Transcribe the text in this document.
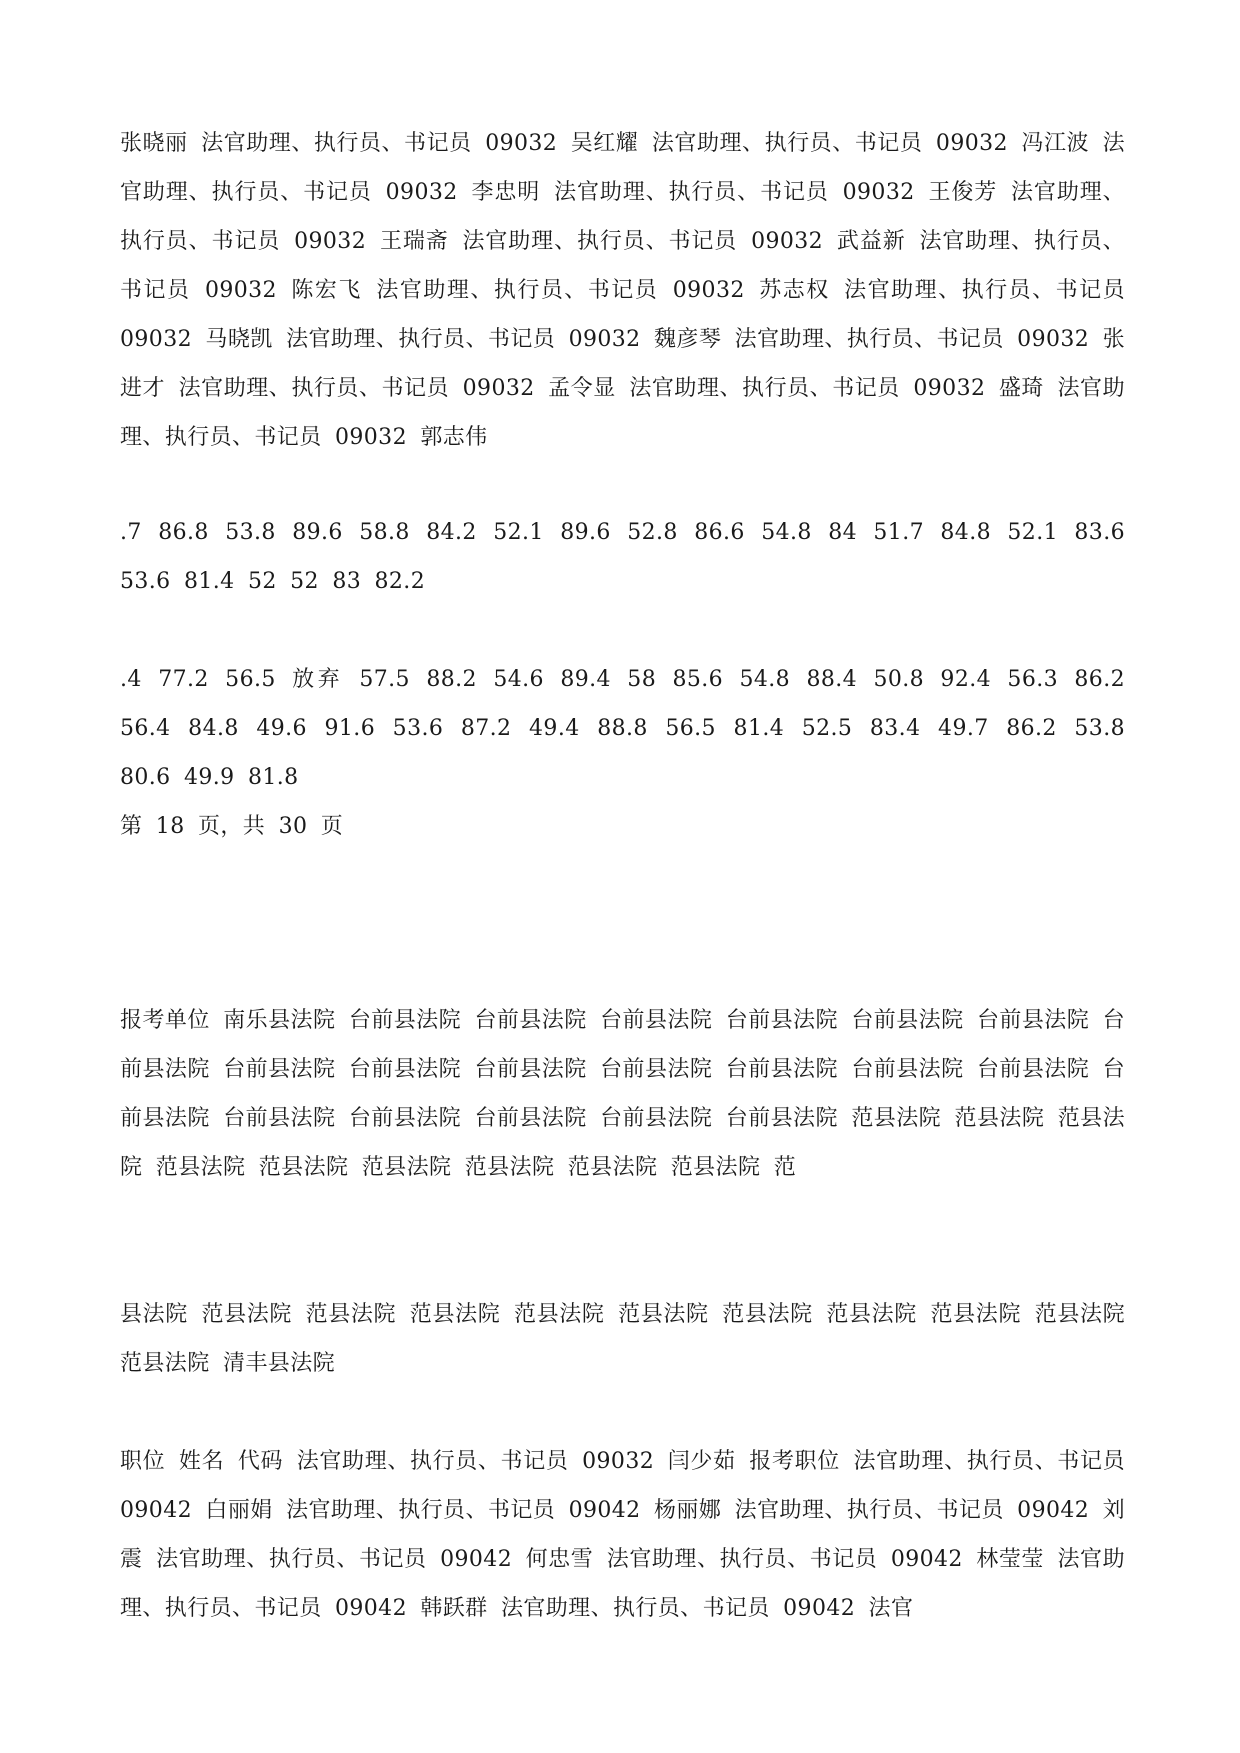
张晓丽 法官助理、执行员、书记员 09032 吴红耀 法官助理、执行员、书记员 09032 冯江波 法官助理、执行员、书记员 09032 李忠明 法官助理、执行员、书记员 09032 王俊芳 法官助理、执行员、书记员 09032 王瑞斋 法官助理、执行员、书记员 09032 武益新 法官助理、执行员、书记员 09032 陈宏飞 法官助理、执行员、书记员 09032 苏志权 法官助理、执行员、书记员 09032 马晓凯 法官助理、执行员、书记员 09032 魏彦琴 法官助理、执行员、书记员 09032 张进才 法官助理、执行员、书记员 09032 孟令显 法官助理、执行员、书记员 09032 盛琦 法官助理、执行员、书记员 09032 郭志伟

.7 86.8 53.8 89.6 58.8 84.2 52.1 89.6 52.8 86.6 54.8 84 51.7 84.8 52.1 83.6 53.6 81.4 52 52 83 82.2

.4 77.2 56.5 放弃 57.5 88.2 54.6 89.4 58 85.6 54.8 88.4 50.8 92.4 56.3 86.2 56.4 84.8 49.6 91.6 53.6 87.2 49.4 88.8 56.5 81.4 52.5 83.4 49.7 86.2 53.8 80.6 49.9 81.8

第 18 页，共 30 页

报考单位 南乐县法院 台前县法院 台前县法院 台前县法院 台前县法院 台前县法院 台前县法院 台前县法院 台前县法院 台前县法院 台前县法院 台前县法院 台前县法院 台前县法院 台前县法院 台前县法院 台前县法院 台前县法院 台前县法院 台前县法院 台前县法院 范县法院 范县法院 范县法院 范县法院 范县法院 范县法院 范县法院 范县法院 范县法院 范

县法院 范县法院 范县法院 范县法院 范县法院 范县法院 范县法院 范县法院 范县法院 范县法院 范县法院 清丰县法院

职位 姓名 代码 法官助理、执行员、书记员 09032 闫少茹 报考职位 法官助理、执行员、书记员 09042 白丽娟 法官助理、执行员、书记员 09042 杨丽娜 法官助理、执行员、书记员 09042 刘震 法官助理、执行员、书记员 09042 何忠雪 法官助理、执行员、书记员 09042 林莹莹 法官助理、执行员、书记员 09042 韩跃群 法官助理、执行员、书记员 09042 法官
